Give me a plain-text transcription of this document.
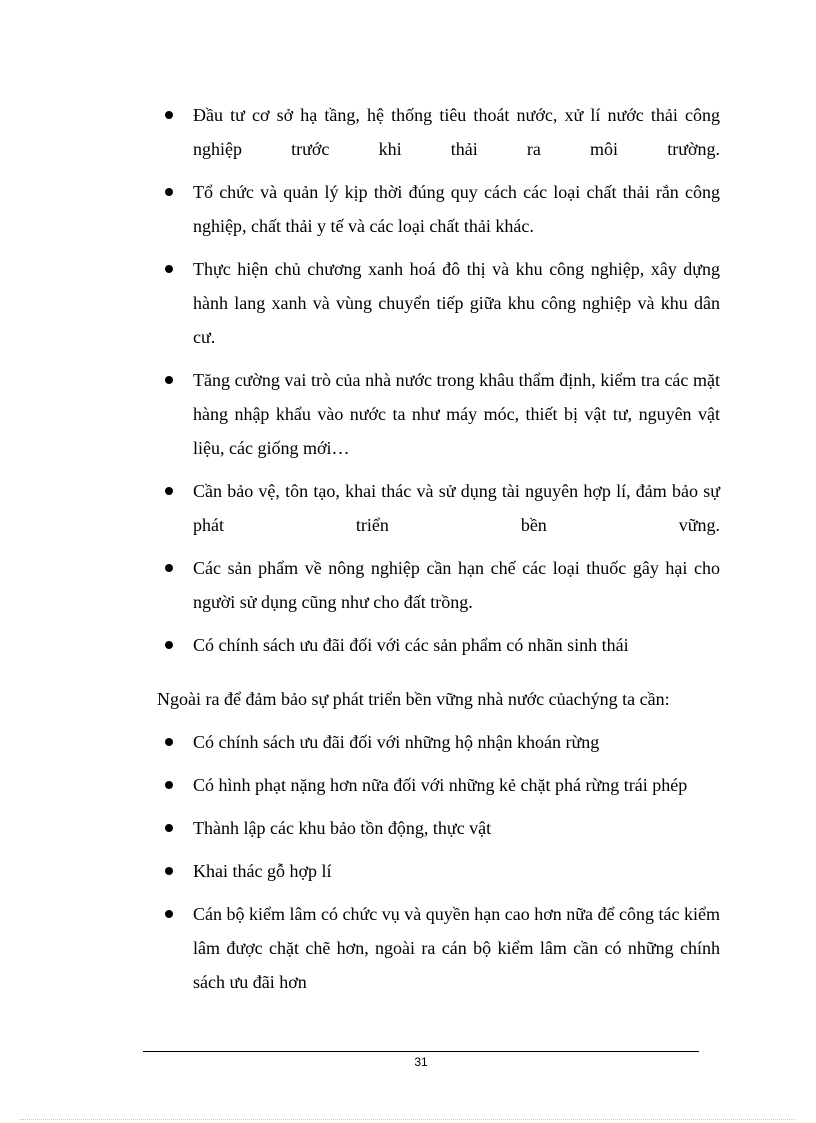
Đầu tư cơ sở hạ tầng, hệ thống tiêu thoát nước, xử lí nước thải công nghiệp trước khi thải ra môi trường.
Tổ chức và quản lý kịp thời đúng quy cách các loại chất thải rắn công nghiệp, chất thải y tế và các loại chất thải khác.
Thực hiện chủ chương xanh hoá đô thị và khu công nghiệp, xây dựng hành lang xanh và vùng chuyển tiếp giữa khu công nghiệp và khu dân cư.
Tăng cường vai trò của nhà nước trong khâu thẩm định, kiểm tra các mặt hàng nhập khẩu vào nước ta như máy móc, thiết bị vật tư, nguyên vật liệu, các giống mới…
Cần bảo vệ, tôn tạo, khai thác và sử dụng tài nguyên hợp lí, đảm bảo sự phát triển bền vững.
Các sản phẩm về nông nghiệp cần hạn chế các loại thuốc gây hại cho người sử dụng cũng như cho đất trồng.
Có chính sách ưu đãi đối với các sản phẩm có nhãn sinh thái

Ngoài ra để đảm bảo sự phát triển bền vững nhà nước củachýng ta cần:

Có chính sách ưu đãi đối với những hộ nhận khoán rừng
Có hình phạt nặng hơn nữa đối với những kẻ chặt phá rừng trái phép
Thành lập các khu bảo tồn động, thực vật
Khai thác gỗ hợp lí
Cán bộ kiểm lâm có chức vụ và quyền hạn cao hơn nữa để công tác kiểm lâm được chặt chẽ hơn, ngoài ra cán bộ kiểm lâm cần có những chính sách ưu đãi hơn
31
